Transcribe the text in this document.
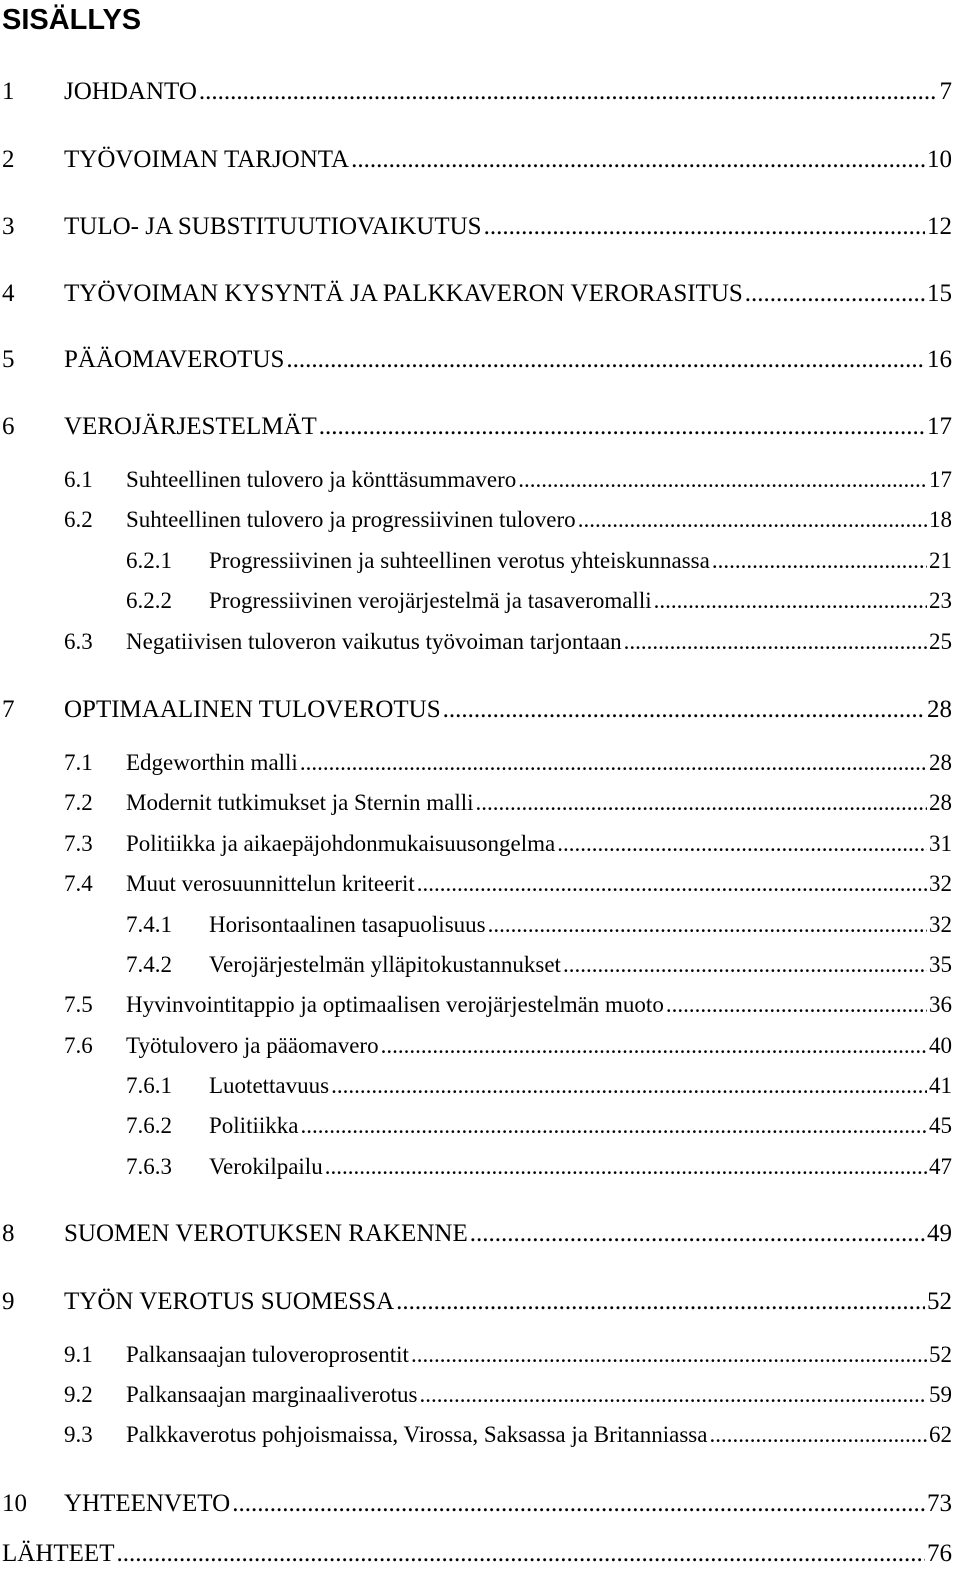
SISÄLLYS
1	JOHDANTO .....	7
2	TYÖVOIMAN TARJONTA .....	10
3	TULO- JA SUBSTITUUTIOVAIKUTUS .....	12
4	TYÖVOIMAN KYSYNTÄ JA PALKKAVERON VERORASITUS .....	15
5	PÄÄOMAVEROTUS .....	16
6	VEROJÄRJESTELMÄT .....	17
6.1	Suhteellinen tulovero ja könttäsummavero .....	17
6.2	Suhteellinen tulovero ja progressiivinen tulovero .....	18
6.2.1	Progressiivinen ja suhteellinen verotus yhteiskunnassa .....	21
6.2.2	Progressiivinen verojärjestelmä ja tasaveromalli .....	23
6.3	Negatiivisen tuloveron vaikutus työvoiman tarjontaan .....	25
7	OPTIMAALINEN TULOVEROTUS .....	28
7.1	Edgeworthin malli .....	28
7.2	Modernit tutkimukset ja Sternin malli .....	28
7.3	Politiikka ja aikaepäjohdonmukaisuusongelma .....	31
7.4	Muut verosuunnittelun kriteerit .....	32
7.4.1	Horisontaalinen tasapuolisuus .....	32
7.4.2	Verojärjestelmän ylläpitokustannukset .....	35
7.5	Hyvinvointitappio ja optimaalisen verojärjestelmän muoto .....	36
7.6	Työtulovero ja pääomavero .....	40
7.6.1	Luotettavuus .....	41
7.6.2	Politiikka .....	45
7.6.3	Verokilpailu .....	47
8	SUOMEN VEROTUKSEN RAKENNE .....	49
9	TYÖN VEROTUS SUOMESSA .....	52
9.1	Palkansaajan tuloveroprosentit .....	52
9.2	Palkansaajan marginaaliverotus .....	59
9.3	Palkkaverotus pohjoismaissa, Virossa, Saksassa ja Britanniassa .....	62
10	YHTEENVETO .....	73
LÄHTEET .....	76
